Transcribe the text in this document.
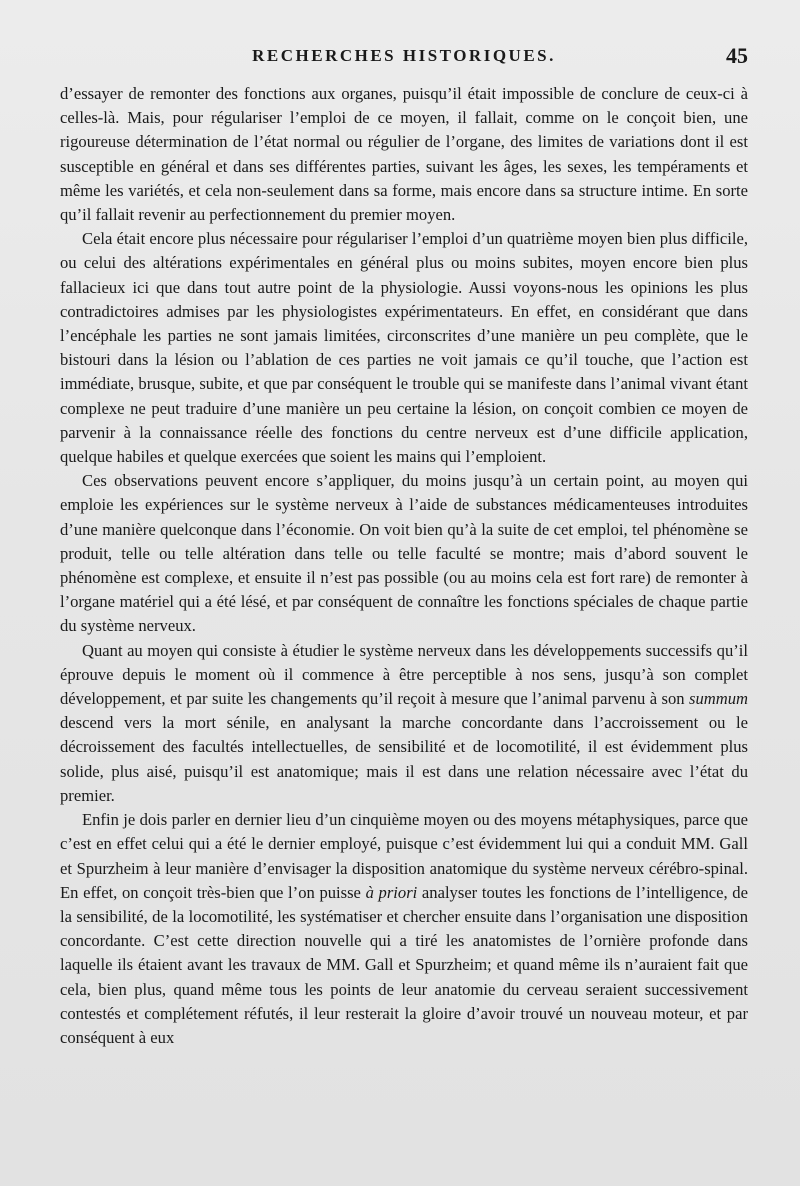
RECHERCHES HISTORIQUES.	45

d’essayer de remonter des fonctions aux organes, puisqu’il était impossible de conclure de ceux-ci à celles-là. Mais, pour régulariser l’emploi de ce moyen, il fallait, comme on le conçoit bien, une rigoureuse détermination de l’état normal ou régulier de l’organe, des limites de variations dont il est susceptible en général et dans ses différentes parties, suivant les âges, les sexes, les tempéraments et même les variétés, et cela non-seulement dans sa forme, mais encore dans sa structure intime. En sorte qu’il fallait revenir au perfectionnement du premier moyen.

Cela était encore plus nécessaire pour régulariser l’emploi d’un quatrième moyen bien plus difficile, ou celui des altérations expérimentales en général plus ou moins subites, moyen encore bien plus fallacieux ici que dans tout autre point de la physiologie. Aussi voyons-nous les opinions les plus contradictoires admises par les physiologistes expérimentateurs. En effet, en considérant que dans l’encéphale les parties ne sont jamais limitées, circonscrites d’une manière un peu complète, que le bistouri dans la lésion ou l’ablation de ces parties ne voit jamais ce qu’il touche, que l’action est immédiate, brusque, subite, et que par conséquent le trouble qui se manifeste dans l’animal vivant étant complexe ne peut traduire d’une manière un peu certaine la lésion, on conçoit combien ce moyen de parvenir à la connaissance réelle des fonctions du centre nerveux est d’une difficile application, quelque habiles et quelque exercées que soient les mains qui l’emploient.

Ces observations peuvent encore s’appliquer, du moins jusqu’à un certain point, au moyen qui emploie les expériences sur le système nerveux à l’aide de substances médicamenteuses introduites d’une manière quelconque dans l’économie. On voit bien qu’à la suite de cet emploi, tel phénomène se produit, telle ou telle altération dans telle ou telle faculté se montre; mais d’abord souvent le phénomène est complexe, et ensuite il n’est pas possible (ou au moins cela est fort rare) de remonter à l’organe matériel qui a été lésé, et par conséquent de connaître les fonctions spéciales de chaque partie du système nerveux.

Quant au moyen qui consiste à étudier le système nerveux dans les développements successifs qu’il éprouve depuis le moment où il commence à être perceptible à nos sens, jusqu’à son complet développement, et par suite les changements qu’il reçoit à mesure que l’animal parvenu à son summum descend vers la mort sénile, en analysant la marche concordante dans l’accroissement ou le décroissement des facultés intellectuelles, de sensibilité et de locomotilité, il est évidemment plus solide, plus aisé, puisqu’il est anatomique; mais il est dans une relation nécessaire avec l’état du premier.

Enfin je dois parler en dernier lieu d’un cinquième moyen ou des moyens métaphysiques, parce que c’est en effet celui qui a été le dernier employé, puisque c’est évidemment lui qui a conduit MM. Gall et Spurzheim à leur manière d’envisager la disposition anatomique du système nerveux cérébro-spinal. En effet, on conçoit très-bien que l’on puisse à priori analyser toutes les fonctions de l’intelligence, de la sensibilité, de la locomotilité, les systématiser et chercher ensuite dans l’organisation une disposition concordante. C’est cette direction nouvelle qui a tiré les anatomistes de l’ornière profonde dans laquelle ils étaient avant les travaux de MM. Gall et Spurzheim; et quand même ils n’auraient fait que cela, bien plus, quand même tous les points de leur anatomie du cerveau seraient successivement contestés et complétement réfutés, il leur resterait la gloire d’avoir trouvé un nouveau moteur, et par conséquent à eux
